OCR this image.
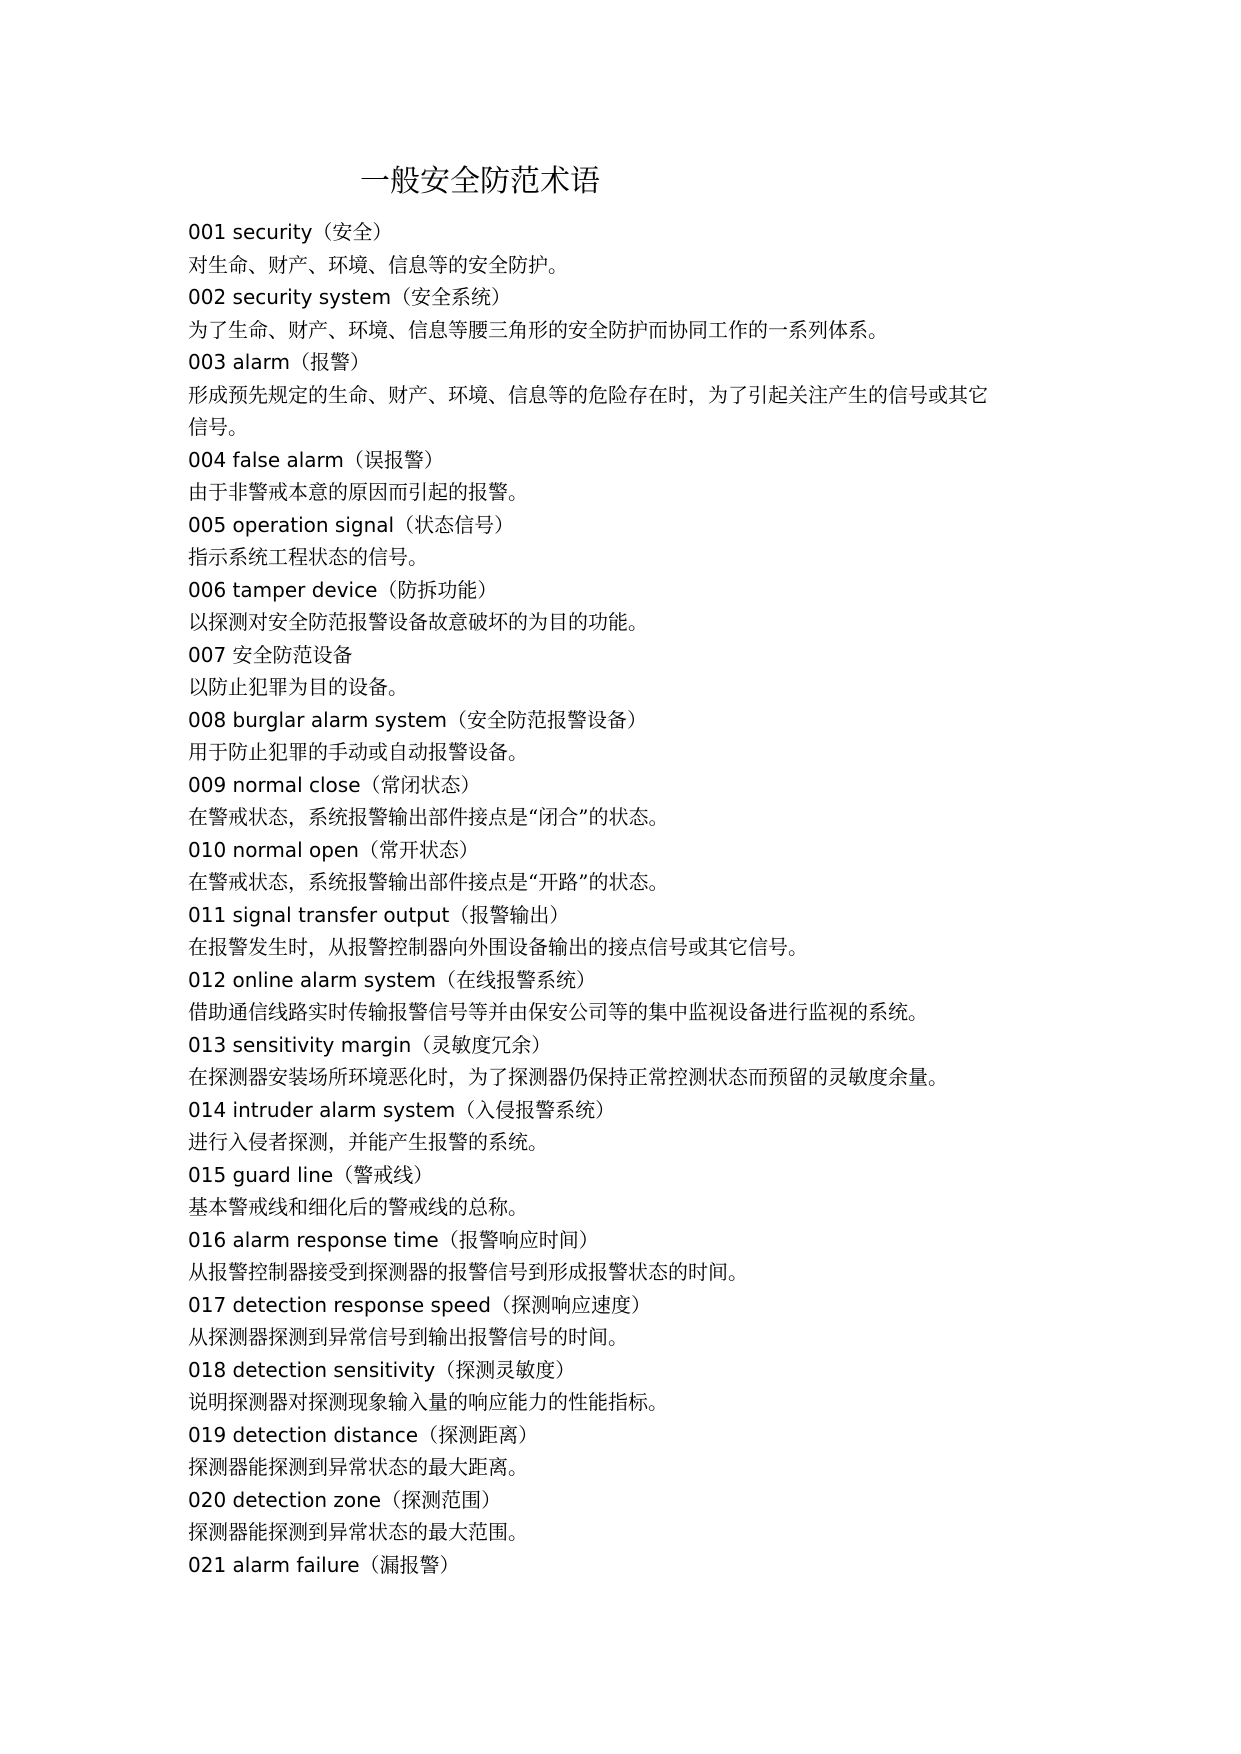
一般安全防范术语
001 security（安全）
对生命、财产、环境、信息等的安全防护。
002 security system（安全系统）
为了生命、财产、环境、信息等腰三角形的安全防护而协同工作的一系列体系。
003 alarm（报警）
形成预先规定的生命、财产、环境、信息等的危险存在时，为了引起关注产生的信号或其它
信号。
004 false alarm（误报警）
由于非警戒本意的原因而引起的报警。
005 operation signal（状态信号）
指示系统工程状态的信号。
006 tamper device（防拆功能）
以探测对安全防范报警设备故意破坏的为目的功能。
007 安全防范设备
以防止犯罪为目的设备。
008 burglar alarm system（安全防范报警设备）
用于防止犯罪的手动或自动报警设备。
009 normal close（常闭状态）
在警戒状态，系统报警输出部件接点是“闭合”的状态。
010 normal open（常开状态）
在警戒状态，系统报警输出部件接点是“开路”的状态。
011 signal transfer output（报警输出）
在报警发生时，从报警控制器向外围设备输出的接点信号或其它信号。
012 online alarm system（在线报警系统）
借助通信线路实时传输报警信号等并由保安公司等的集中监视设备进行监视的系统。
013 sensitivity margin（灵敏度冗余）
在探测器安装场所环境恶化时，为了探测器仍保持正常控测状态而预留的灵敏度余量。
014 intruder alarm system（入侵报警系统）
进行入侵者探测，并能产生报警的系统。
015 guard line（警戒线）
基本警戒线和细化后的警戒线的总称。
016 alarm response time（报警响应时间）
从报警控制器接受到探测器的报警信号到形成报警状态的时间。
017 detection response speed（探测响应速度）
从探测器探测到异常信号到输出报警信号的时间。
018 detection sensitivity（探测灵敏度）
说明探测器对探测现象输入量的响应能力的性能指标。
019 detection distance（探测距离）
探测器能探测到异常状态的最大距离。
020 detection zone（探测范围）
探测器能探测到异常状态的最大范围。
021 alarm failure（漏报警）
